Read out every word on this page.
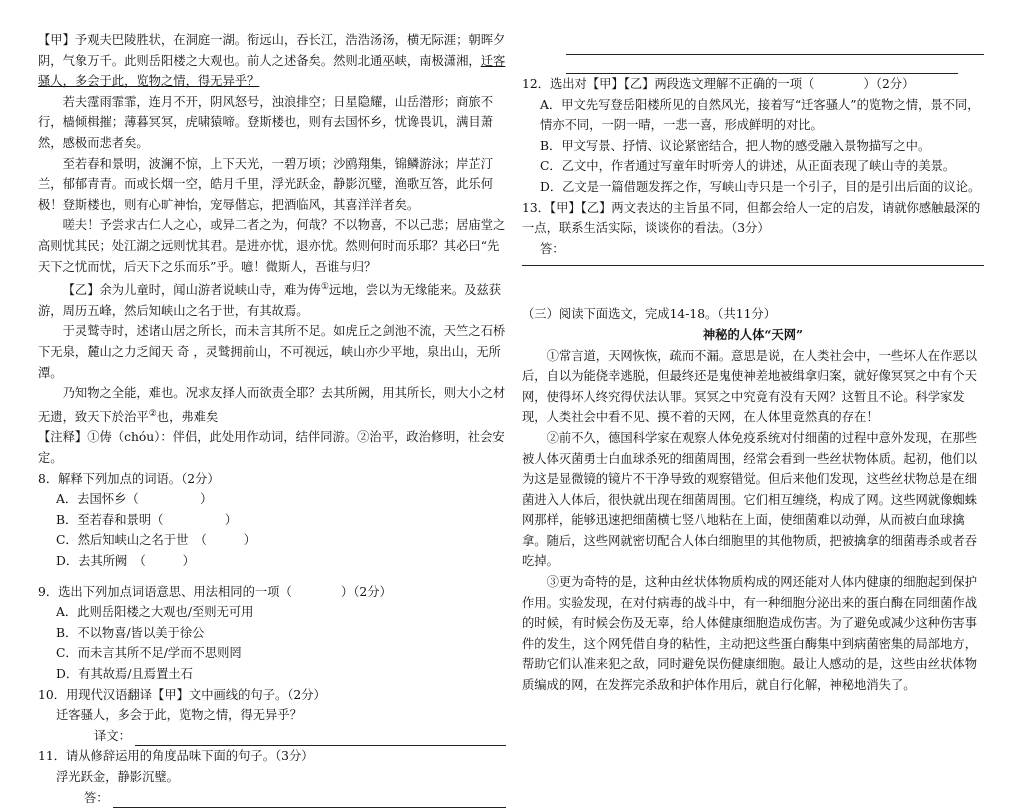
【甲】予观夫巴陵胜状，在洞庭一湖。衔远山，吞长江，浩浩汤汤，横无际涯；朝晖夕阴，气象万千。此则岳阳楼之大观也。前人之述备矣。然则北通巫峡，南极潇湘，迁客骚人，多会于此，览物之情，得无异乎？

若夫霪雨霏霏，连月不开，阴风怒号，浊浪排空；日星隐耀，山岳潜形；商旅不行，樯倾楫摧；薄暮冥冥，虎啸猿啼。登斯楼也，则有去国怀乡，忧谗畏讥，满目萧然，感极而悲者矣。

至若春和景明，波澜不惊，上下天光，一碧万顷；沙鸥翔集，锦鳞游泳；岸芷汀兰，郁郁青青。而或长烟一空，皓月千里，浮光跃金，静影沉璧，渔歌互答，此乐何极！登斯楼也，则有心旷神怡，宠辱偕忘，把酒临风，其喜洋洋者矣。

嗟夫！予尝求古仁人之心，或异二者之为，何哉？不以物喜，不以己悲；居庙堂之高则忧其民；处江湖之远则忧其君。是进亦忧，退亦忧。然则何时而乐耶？其必曰“先天下之忧而忧，后天下之乐而乐”乎。噫！微斯人，吾谁与归？

【乙】余为儿童时，闻山游者说峡山寺，难为俦①远地，尝以为无缘能来。及兹获游，周历五峰，然后知峡山之名于世，有其故焉。

于灵鹫寺时，述诸山居之所长，而未言其所不足。如虎丘之剑池不流，天竺之石桥下无泉，麓山之力乏闻天 奇 ，灵鹫拥前山，不可视远，峡山亦少平地，泉出山，无所潭。

乃知物之全能，难也。况求友择人而欲责全耶？去其所阙，用其所长，则大小之材无遗，致天下於治平②也，弗难矣

【注释】①俦（chóu）：伴侣，此处用作动词，结伴同游。②治平，政治修明，社会安定。

8．解释下列加点的词语。（2分）

A．去国怀乡（　　　　　）
B．至若春和景明（　　　　　）
C．然后知峡山之名于世　（　　　）
D．去其所阙　（　　　）

9．选出下列加点词语意思、用法相同的一项（　　　　）（2分）

A．此则岳阳楼之大观也/至则无可用
B．不以物喜/皆以美于徐公
C．而未言其所不足/学而不思则罔
D．有其故焉/且焉置土石

10．用现代汉语翻译【甲】文中画线的句子。（2分）

迁客骚人，多会于此，览物之情，得无异乎？

译文：

11．请从修辞运用的角度品味下面的句子。（3分）

浮光跃金，静影沉璧。

答：

12．选出对【甲】【乙】两段选文理解不正确的一项（　　　　）（2分）

A．甲文先写登岳阳楼所见的自然风光，接着写“迁客骚人”的览物之情，景不同，情亦不同，一阴一晴，一悲一喜，形成鲜明的对比。

B．甲文写景、抒情、议论紧密结合，把人物的感受融入景物描写之中。

C．乙文中，作者通过写童年时听旁人的讲述，从正面表现了峡山寺的美景。

D．乙文是一篇借题发挥之作，写峡山寺只是一个引子，目的是引出后面的议论。

13．【甲】【乙】两文表达的主旨虽不同，但都会给人一定的启发，请就你感触最深的一点，联系生活实际，谈谈你的看法。（3分）

答：

（三）阅读下面选文，完成14-18。（共11分）

神秘的人体“天网”

①常言道，天网恢恢，疏而不漏。意思是说，在人类社会中，一些坏人在作恶以后，自以为能侥幸逃脱，但最终还是鬼使神差地被缉拿归案，就好像冥冥之中有个天网，使得坏人终究得伏法认罪。冥冥之中究竟有没有天网？这暂且不论。科学家发现，人类社会中看不见、摸不着的天网，在人体里竟然真的存在！

②前不久，德国科学家在观察人体免疫系统对付细菌的过程中意外发现，在那些被人体灭菌勇士白血球杀死的细菌周围，经常会看到一些丝状物体质。起初，他们以为这是显微镜的镜片不干净导致的观察错觉。但后来他们发现，这些丝状物总是在细菌进入人体后，很快就出现在细菌周围。它们相互缠绕，构成了网。这些网就像蜘蛛网那样，能够迅速把细菌横七竖八地粘在上面，使细菌难以动弹，从而被白血球擒拿。随后，这些网就密切配合人体白细胞里的其他物质，把被擒拿的细菌毒杀或者吞吃掉。

③更为奇特的是，这种由丝状体物质构成的网还能对人体内健康的细胞起到保护作用。实验发现，在对付病毒的战斗中，有一种细胞分泌出来的蛋白酶在同细菌作战的时候，有时候会伤及无辜，给人体健康细胞造成伤害。为了避免或减少这种伤害事件的发生，这个网凭借自身的粘性，主动把这些蛋白酶集中到病菌密集的局部地方，帮助它们认准来犯之敌，同时避免误伤健康细胞。最让人感动的是，这些由丝状体物质编成的网，在发挥完杀敌和护体作用后，就自行化解，神秘地消失了。
